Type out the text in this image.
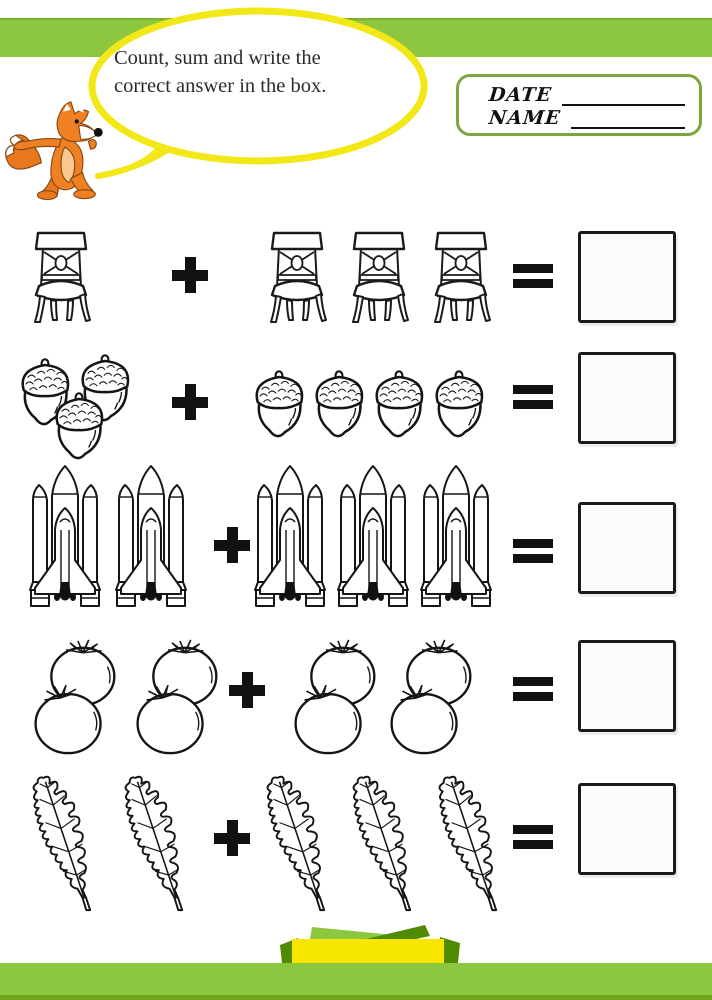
Count, sum and write the
correct answer in the box.	DATE
NAME
